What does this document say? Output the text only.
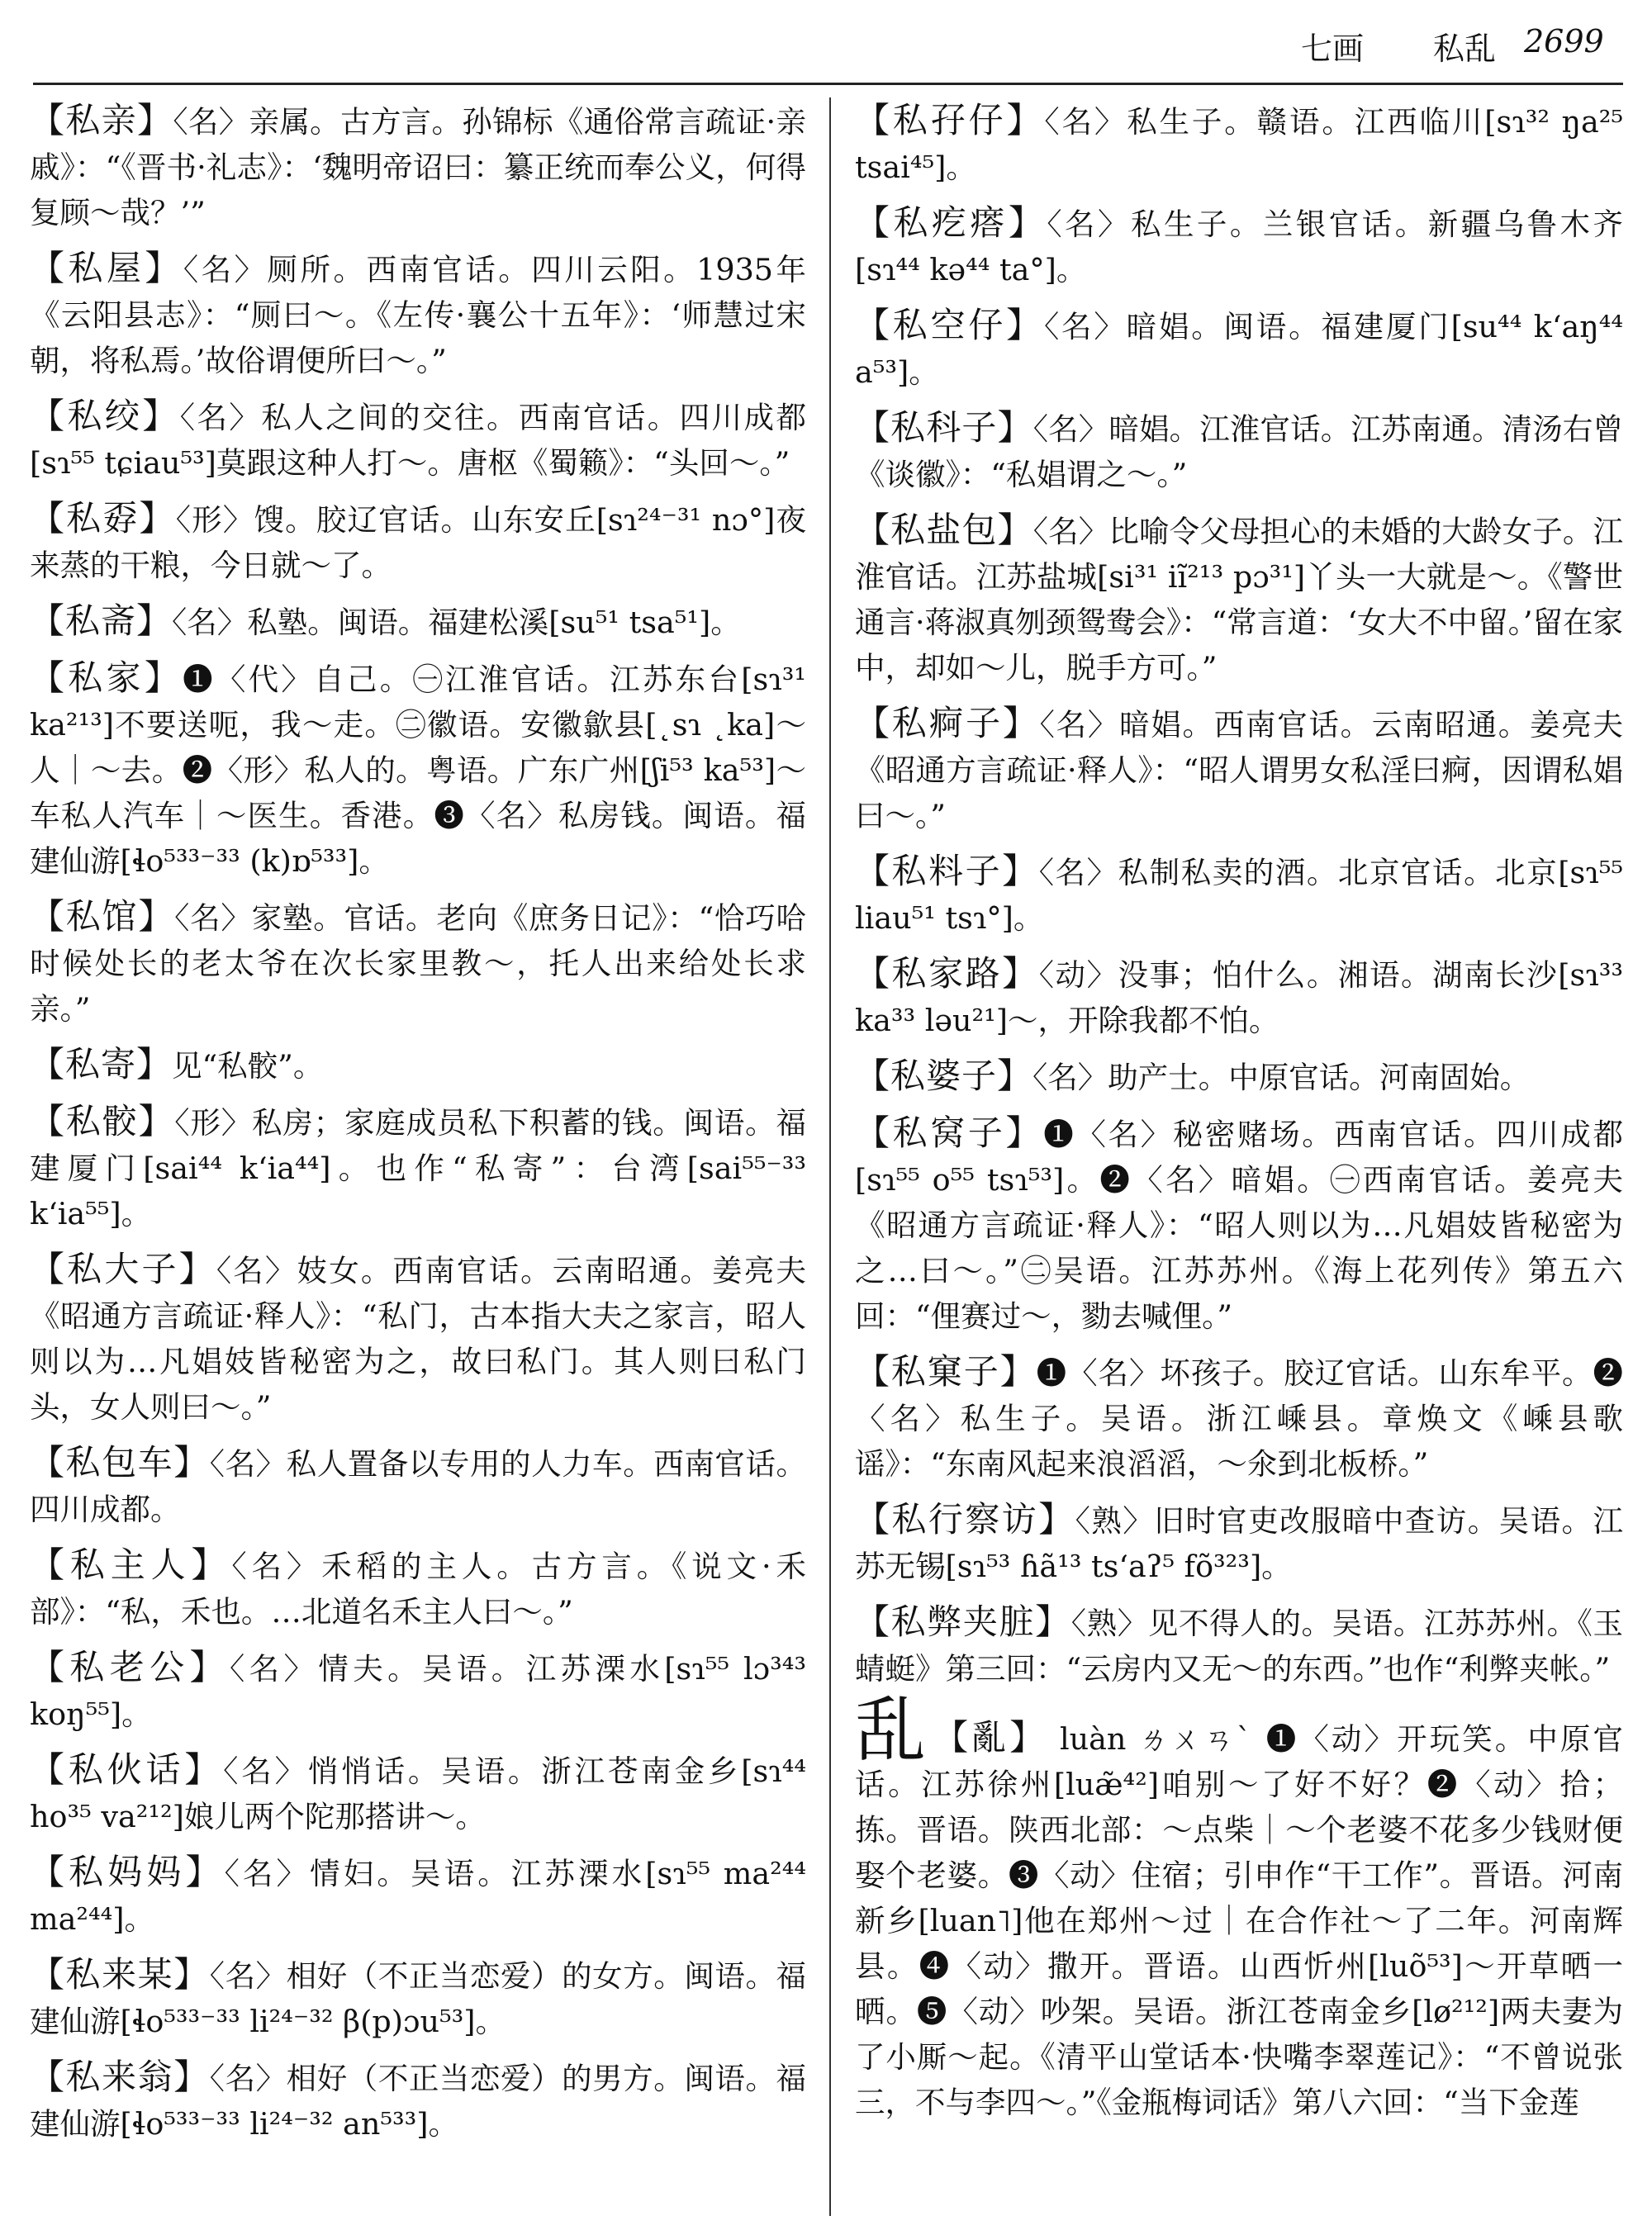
七画 私乱 2699

【私亲】〈名〉亲属。古方言。孙锦标《通俗常言疏证·亲戚》：“《晋书·礼志》：‘魏明帝诏曰：纂正统而奉公义，何得复顾～哉？’”

【私屋】〈名〉厕所。西南官话。四川云阳。1935年《云阳县志》：“厕曰～。《左传·襄公十五年》：‘师慧过宋朝，将私焉。’故俗谓便所曰～。”

【私绞】〈名〉私人之间的交往。西南官话。四川成都[sɿ⁵⁵ tɕiau⁵³]莫跟这种人打～。唐枢《蜀籁》：“头回～。”

【私孬】〈形〉馊。胶辽官话。山东安丘[sɿ²⁴⁻³¹ nɔ°]夜来蒸的干粮，今日就～了。

【私斋】〈名〉私塾。闽语。福建松溪[su⁵¹ tsa⁵¹]。

【私家】❶〈代〉自己。㊀江淮官话。江苏东台[sɿ³¹ ka²¹³]不要送呃，我～走。㊁徽语。安徽歙县[˛sɿ ˛ka]～人｜～去。❷〈形〉私人的。粤语。广东广州[ʃi⁵³ ka⁵³]～车私人汽车｜～医生。香港。❸〈名〉私房钱。闽语。福建仙游[ɬo⁵³³⁻³³ (k)ɒ⁵³³]。

【私馆】〈名〉家塾。官话。老向《庶务日记》：“恰巧哈时候处长的老太爷在次长家里教～，托人出来给处长求亲。”

【私寄】见“私骹”。

【私骹】〈形〉私房；家庭成员私下积蓄的钱。闽语。福建厦门[sai⁴⁴ k‘ia⁴⁴]。也作“私寄”：台湾[sai⁵⁵⁻³³ k‘ia⁵⁵]。

【私大子】〈名〉妓女。西南官话。云南昭通。姜亮夫《昭通方言疏证·释人》：“私门，古本指大夫之家言，昭人则以为…凡娼妓皆秘密为之，故曰私门。其人则曰私门头，女人则曰～。”

【私包车】〈名〉私人置备以专用的人力车。西南官话。四川成都。

【私主人】〈名〉禾稻的主人。古方言。《说文·禾部》：“私，禾也。…北道名禾主人曰～。”

【私老公】〈名〉情夫。吴语。江苏溧水[sɿ⁵⁵ lɔ³⁴³ koŋ⁵⁵]。

【私伙话】〈名〉悄悄话。吴语。浙江苍南金乡[sɿ⁴⁴ ho³⁵ va²¹²]娘儿两个陀那搭讲～。

【私妈妈】〈名〉情妇。吴语。江苏溧水[sɿ⁵⁵ ma²⁴⁴ ma²⁴⁴]。

【私来某】〈名〉相好（不正当恋爱）的女方。闽语。福建仙游[ɬo⁵³³⁻³³ li²⁴⁻³² β(p)ɔu⁵³]。

【私来翁】〈名〉相好（不正当恋爱）的男方。闽语。福建仙游[ɬo⁵³³⁻³³ li²⁴⁻³² an⁵³³]。

【私孖仔】〈名〉私生子。赣语。江西临川[sɿ³² ŋa²⁵ tsai⁴⁵]。

【私疙瘩】〈名〉私生子。兰银官话。新疆乌鲁木齐[sɿ⁴⁴ kə⁴⁴ ta°]。

【私空仔】〈名〉暗娼。闽语。福建厦门[su⁴⁴ k‘aŋ⁴⁴ a⁵³]。

【私科子】〈名〉暗娼。江淮官话。江苏南通。清汤右曾《谈徽》：“私娼谓之～。”

【私盐包】〈名〉比喻令父母担心的未婚的大龄女子。江淮官话。江苏盐城[si³¹ iĩ²¹³ pɔ³¹]丫头一大就是～。《警世通言·蒋淑真刎颈鸳鸯会》：“常言道：‘女大不中留。’留在家中，却如～儿，脱手方可。”

【私痾子】〈名〉暗娼。西南官话。云南昭通。姜亮夫《昭通方言疏证·释人》：“昭人谓男女私淫曰痾，因谓私娼曰～。”

【私料子】〈名〉私制私卖的酒。北京官话。北京[sɿ⁵⁵ liau⁵¹ tsɿ°]。

【私家路】〈动〉没事；怕什么。湘语。湖南长沙[sɿ³³ ka³³ ləu²¹]～，开除我都不怕。

【私婆子】〈名〉助产士。中原官话。河南固始。

【私窝子】❶〈名〉秘密赌场。西南官话。四川成都[sɿ⁵⁵ o⁵⁵ tsɿ⁵³]。❷〈名〉暗娼。㊀西南官话。姜亮夫《昭通方言疏证·释人》：“昭人则以为…凡娼妓皆秘密为之…曰～。”㊁吴语。江苏苏州。《海上花列传》第五六回：“俚赛过～，勠去喊俚。”

【私窠子】❶〈名〉坏孩子。胶辽官话。山东牟平。❷〈名〉私生子。吴语。浙江嵊县。章焕文《嵊县歌谣》：“东南风起来浪滔滔，～氽到北板桥。”

【私行察访】〈熟〉旧时官吏改服暗中查访。吴语。江苏无锡[sɿ⁵³ ɦã¹³ ts‘aʔ⁵ fõ³²³]。

【私弊夹脏】〈熟〉见不得人的。吴语。江苏苏州。《玉蜻蜓》第三回：“云房内又无～的东西。”也作“利弊夹帐。”

乱 【亂】 luàn ㄌㄨㄢˋ ❶〈动〉开玩笑。中原官话。江苏徐州[luæ̃⁴²]咱别～了好不好？❷〈动〉拾；拣。晋语。陕西北部：～点柴｜～个老婆不花多少钱财便娶个老婆。❸〈动〉住宿；引申作“干工作”。晋语。河南新乡[luan˥]他在郑州～过｜在合作社～了二年。河南辉县。❹〈动〉撒开。晋语。山西忻州[luõ⁵³]～开草晒一晒。❺〈动〉吵架。吴语。浙江苍南金乡[lø²¹²]两夫妻为了小厮～起。《清平山堂话本·快嘴李翠莲记》：“不曾说张三，不与李四～。”《金瓶梅词话》第八六回：“当下金莲
